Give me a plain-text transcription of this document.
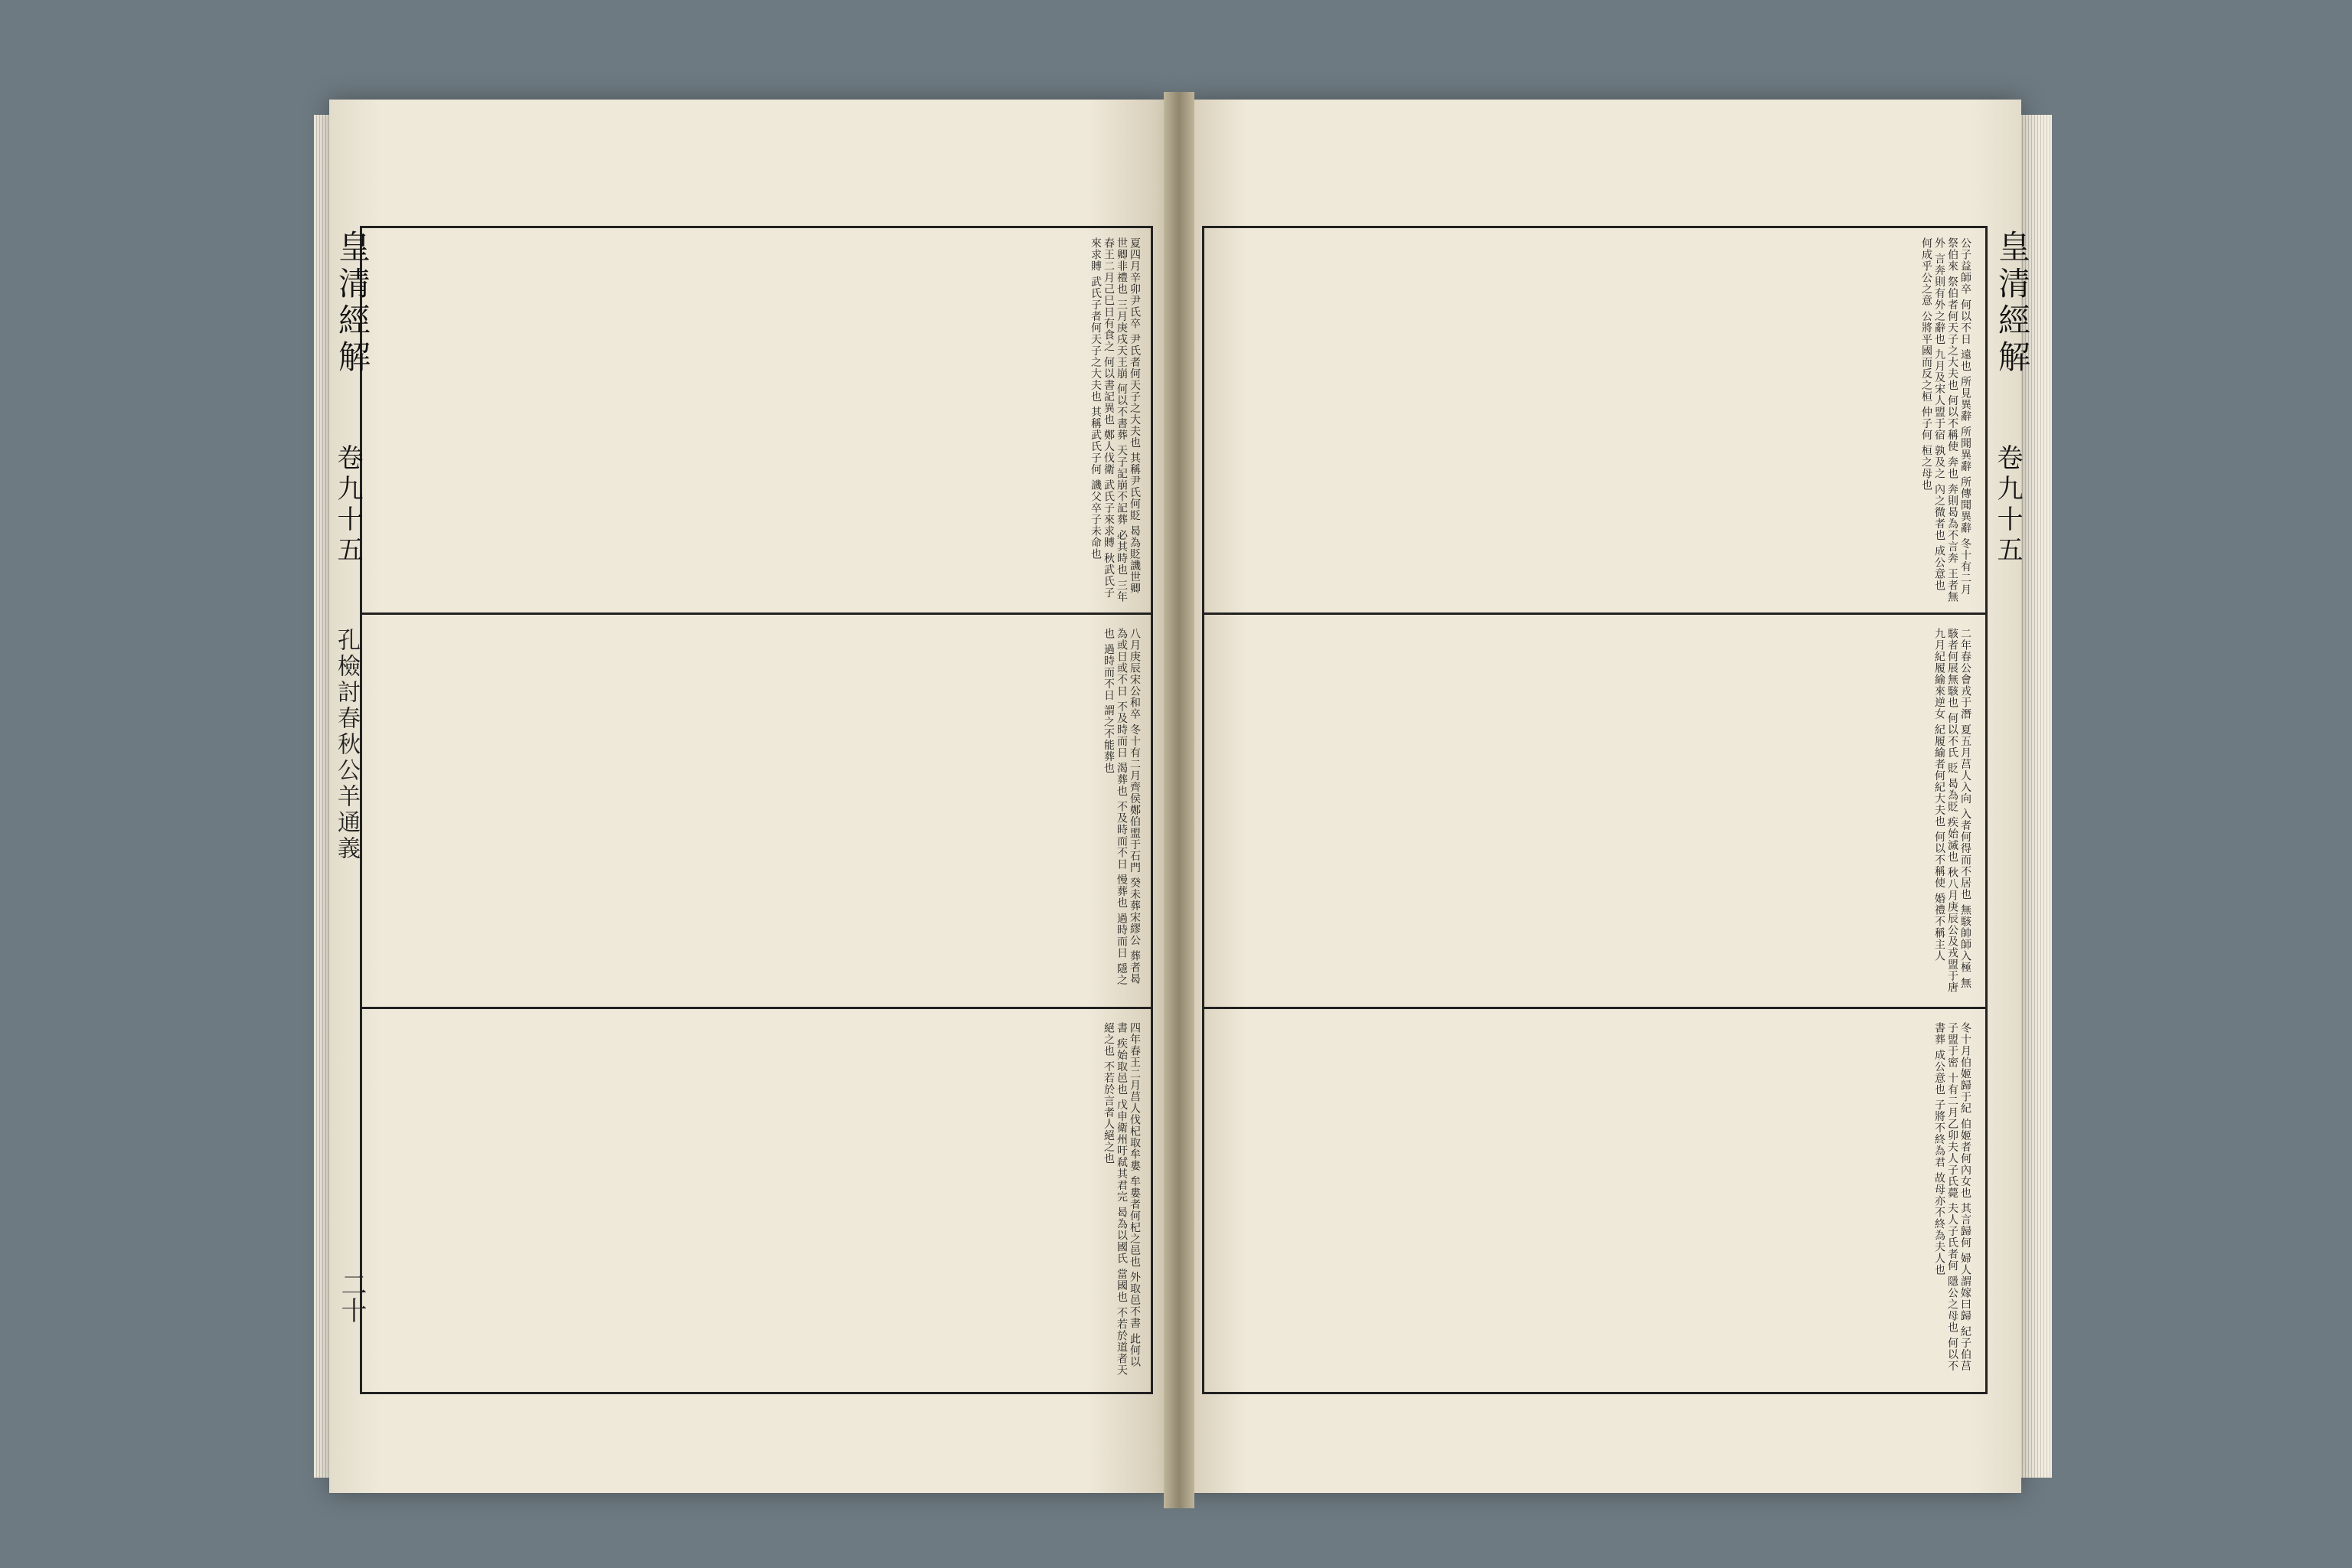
皇清經解
卷九十五
二十
孔檢討春秋公羊通義
夏四月辛卯尹氏卒 尹氏者何天子之大夫也 其稱尹氏何貶 曷為貶譏世卿 世卿非禮也 三月庚戌天王崩 何以不書葬 天子記崩不記葬 必其時也 三年春王二月己巳日有食之 何以書記異也 鄭人伐衛 武氏子來求賻 秋武氏子來求賻 武氏子者何天子之大夫也 其稱武氏子何 譏父卒子未命也
八月庚辰宋公和卒 冬十有二月齊侯鄭伯盟于石門 癸未葬宋繆公 葬者曷為或日或不日 不及時而日 渴葬也 不及時而不日 慢葬也 過時而日 隱之也 過時而不日 謂之不能葬也
四年春王二月莒人伐杞取牟婁 牟婁者何杞之邑也 外取邑不書 此何以書 疾始取邑也 戊申衛州吁弒其君完 曷為以國氏 當國也 不若於道者天絕之也 不若於言者人絕之也
皇清經解
卷九十五
公子益師卒 何以不日 遠也 所見異辭 所聞異辭 所傳聞異辭 冬十有二月祭伯來 祭伯者何天子之大夫也 何以不稱使 奔也 奔則曷為不言奔 王者無外 言奔則有外之辭也 九月及宋人盟于宿 孰及之 內之微者也 成公意也 何成乎公之意 公將平國而反之桓 仲子何 桓之母也
二年春公會戎于潛 夏五月莒人入向 入者何得而不居也 無駭帥師入極 無駭者何展無駭也 何以不氏 貶 曷為貶 疾始滅也 秋八月庚辰公及戎盟于唐 九月紀履緰來逆女 紀履緰者何紀大夫也 何以不稱使 婚禮不稱主人
冬十月伯姬歸于紀 伯姬者何內女也 其言歸何 婦人謂嫁曰歸 紀子伯莒子盟于密 十有二月乙卯夫人子氏薨 夫人子氏者何 隱公之母也 何以不書葬 成公意也 子將不終為君 故母亦不終為夫人也
